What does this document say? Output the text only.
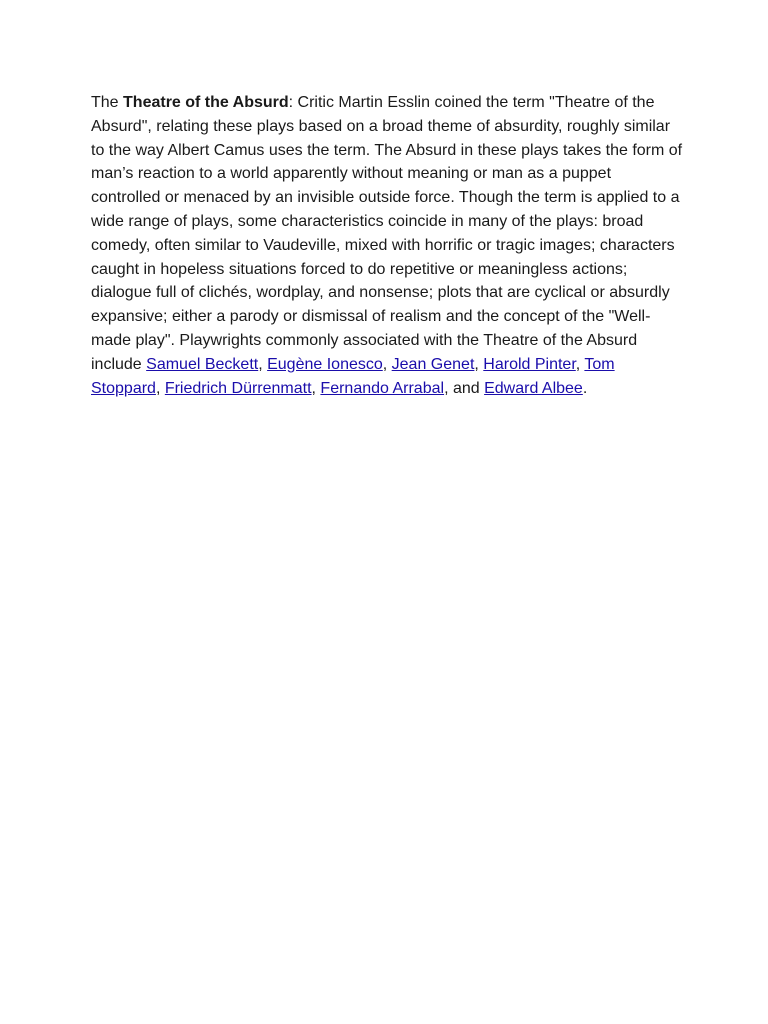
The Theatre of the Absurd: Critic Martin Esslin coined the term "Theatre of the Absurd", relating these plays based on a broad theme of absurdity, roughly similar to the way Albert Camus uses the term. The Absurd in these plays takes the form of man’s reaction to a world apparently without meaning or man as a puppet controlled or menaced by an invisible outside force. Though the term is applied to a wide range of plays, some characteristics coincide in many of the plays: broad comedy, often similar to Vaudeville, mixed with horrific or tragic images; characters caught in hopeless situations forced to do repetitive or meaningless actions; dialogue full of clichés, wordplay, and nonsense; plots that are cyclical or absurdly expansive; either a parody or dismissal of realism and the concept of the "Well-made play". Playwrights commonly associated with the Theatre of the Absurd include Samuel Beckett, Eugène Ionesco, Jean Genet, Harold Pinter, Tom Stoppard, Friedrich Dürrenmatt, Fernando Arrabal, and Edward Albee.
